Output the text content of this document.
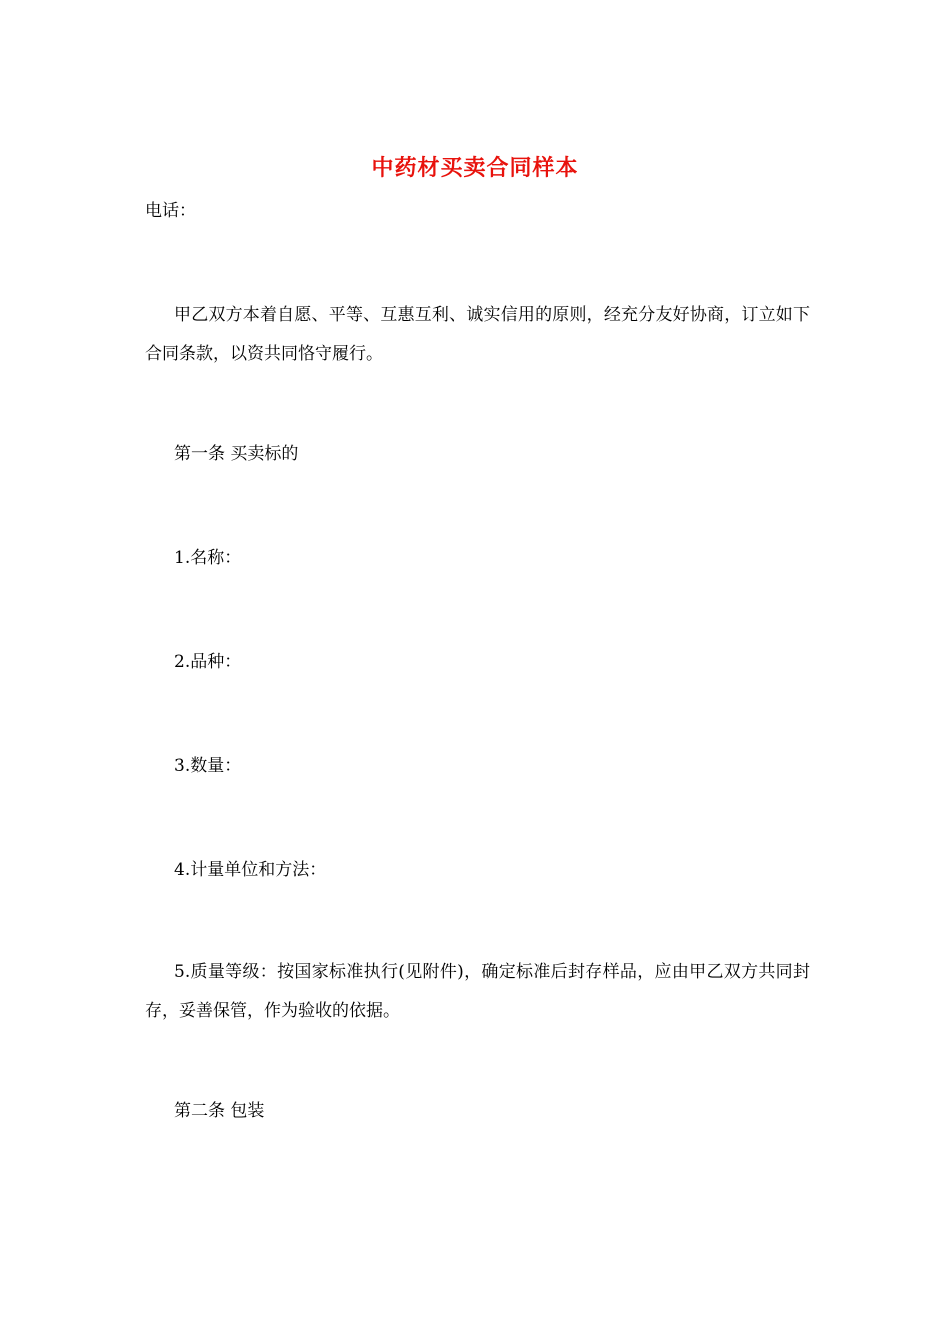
中药材买卖合同样本
电话：
甲乙双方本着自愿、平等、互惠互利、诚实信用的原则，经充分友好协商，订立如下合同条款，以资共同恪守履行。
第一条 买卖标的
1.名称：
2.品种：
3.数量：
4.计量单位和方法：
5.质量等级：按国家标准执行(见附件)，确定标准后封存样品，应由甲乙双方共同封存，妥善保管，作为验收的依据。
第二条 包装
